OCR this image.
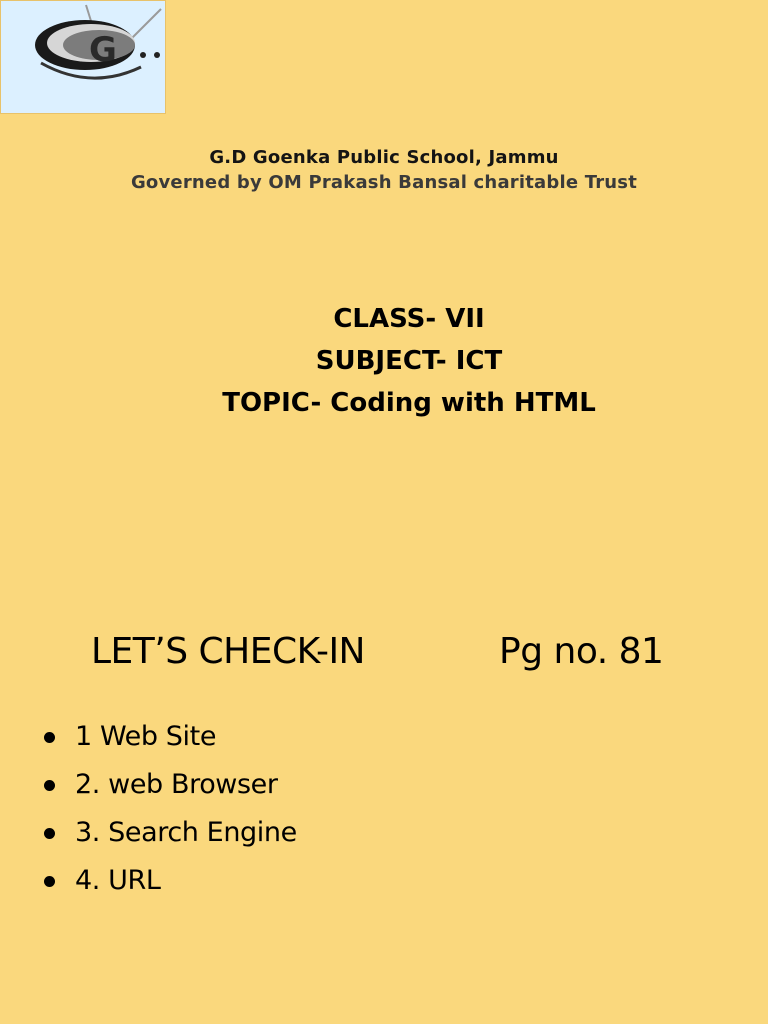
G
G.D Goenka Public School, Jammu
Governed by OM Prakash Bansal charitable Trust
CLASS- VII
SUBJECT- ICT
TOPIC- Coding with HTML
LET’S CHECK-IN	Pg no. 81
1 Web Site
2. web Browser
3. Search Engine
4. URL
